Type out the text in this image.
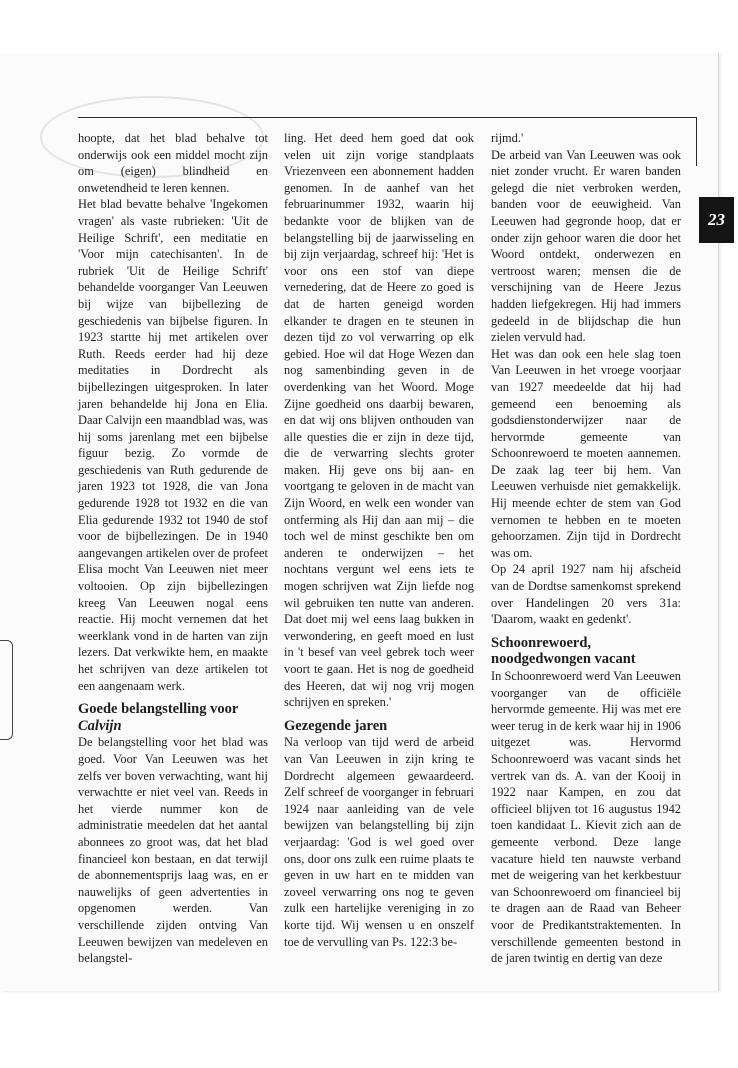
23

hoopte, dat het blad behalve tot onderwijs ook een middel mocht zijn om (eigen) blindheid en onwetendheid te leren kennen.

Het blad bevatte behalve 'Ingekomen vragen' als vaste rubrieken: 'Uit de Heilige Schrift', een meditatie en 'Voor mijn catechisanten'. In de rubriek 'Uit de Heilige Schrift' behandelde voorganger Van Leeuwen bij wijze van bijbellezing de geschiedenis van bijbelse figuren. In 1923 startte hij met artikelen over Ruth. Reeds eerder had hij deze meditaties in Dordrecht als bijbellezingen uitgesproken. In later jaren behandelde hij Jona en Elia. Daar Calvijn een maandblad was, was hij soms jarenlang met een bijbelse figuur bezig. Zo vormde de geschiedenis van Ruth gedurende de jaren 1923 tot 1928, die van Jona gedurende 1928 tot 1932 en die van Elia gedurende 1932 tot 1940 de stof voor de bijbellezingen. De in 1940 aangevangen artikelen over de profeet Elisa mocht Van Leeuwen niet meer voltooien. Op zijn bijbellezingen kreeg Van Leeuwen nogal eens reactie. Hij mocht vernemen dat het weerklank vond in de harten van zijn lezers. Dat verkwikte hem, en maakte het schrijven van deze artikelen tot een aangenaam werk.

Goede belangstelling voor
Calvijn

De belangstelling voor het blad was goed. Voor Van Leeuwen was het zelfs ver boven verwachting, want hij verwachtte er niet veel van. Reeds in het vierde nummer kon de administratie meedelen dat het aantal abonnees zo groot was, dat het blad financieel kon bestaan, en dat terwijl de abonnementsprijs laag was, en er nauwelijks of geen advertenties in opgenomen werden. Van verschillende zijden ontving Van Leeuwen bewijzen van medeleven en belangstel-

ling. Het deed hem goed dat ook velen uit zijn vorige standplaats Vriezenveen een abonnement hadden genomen. In de aanhef van het februarinummer 1932, waarin hij bedankte voor de blijken van de belangstelling bij de jaarwisseling en bij zijn verjaardag, schreef hij: 'Het is voor ons een stof van diepe vernedering, dat de Heere zo goed is dat de harten geneigd worden elkander te dragen en te steunen in dezen tijd zo vol verwarring op elk gebied. Hoe wil dat Hoge Wezen dan nog samenbinding geven in de overdenking van het Woord. Moge Zijne goedheid ons daarbij bewaren, en dat wij ons blijven onthouden van alle questies die er zijn in deze tijd, die de verwarring slechts groter maken. Hij geve ons bij aan- en voortgang te geloven in de macht van Zijn Woord, en welk een wonder van ontferming als Hij dan aan mij – die toch wel de minst geschikte ben om anderen te onderwijzen – het nochtans vergunt wel eens iets te mogen schrijven wat Zijn liefde nog wil gebruiken ten nutte van anderen. Dat doet mij wel eens laag bukken in verwondering, en geeft moed en lust in 't besef van veel gebrek toch weer voort te gaan. Het is nog de goedheid des Heeren, dat wij nog vrij mogen schrijven en spreken.'

Gezegende jaren

Na verloop van tijd werd de arbeid van Van Leeuwen in zijn kring te Dordrecht algemeen gewaardeerd. Zelf schreef de voorganger in februari 1924 naar aanleiding van de vele bewijzen van belangstelling bij zijn verjaardag: 'God is wel goed over ons, door ons zulk een ruime plaats te geven in uw hart en te midden van zoveel verwarring ons nog te geven zulk een hartelijke vereniging in zo korte tijd. Wij wensen u en onszelf toe de vervulling van Ps. 122:3 be-

rijmd.'

De arbeid van Van Leeuwen was ook niet zonder vrucht. Er waren banden gelegd die niet verbroken werden, banden voor de eeuwigheid. Van Leeuwen had gegronde hoop, dat er onder zijn gehoor waren die door het Woord ontdekt, onderwezen en vertroost waren; mensen die de verschijning van de Heere Jezus hadden liefgekregen. Hij had immers gedeeld in de blijdschap die hun zielen vervuld had.

Het was dan ook een hele slag toen Van Leeuwen in het vroege voorjaar van 1927 meedeelde dat hij had gemeend een benoeming als godsdienstonderwijzer naar de hervormde gemeente van Schoonrewoerd te moeten aannemen. De zaak lag teer bij hem. Van Leeuwen verhuisde niet gemakkelijk. Hij meende echter de stem van God vernomen te hebben en te moeten gehoorzamen. Zijn tijd in Dordrecht was om.

Op 24 april 1927 nam hij afscheid van de Dordtse samenkomst sprekend over Handelingen 20 vers 31a: 'Daarom, waakt en gedenkt'.

Schoonrewoerd, noodgedwongen vacant

In Schoonrewoerd werd Van Leeuwen voorganger van de officiële hervormde gemeente. Hij was met ere weer terug in de kerk waar hij in 1906 uitgezet was. Hervormd Schoonrewoerd was vacant sinds het vertrek van ds. A. van der Kooij in 1922 naar Kampen, en zou dat officieel blijven tot 16 augustus 1942 toen kandidaat L. Kievit zich aan de gemeente verbond. Deze lange vacature hield ten nauwste verband met de weigering van het kerkbestuur van Schoonrewoerd om financieel bij te dragen aan de Raad van Beheer voor de Predikantstraktementen. In verschillende gemeenten bestond in de jaren twintig en dertig van deze
